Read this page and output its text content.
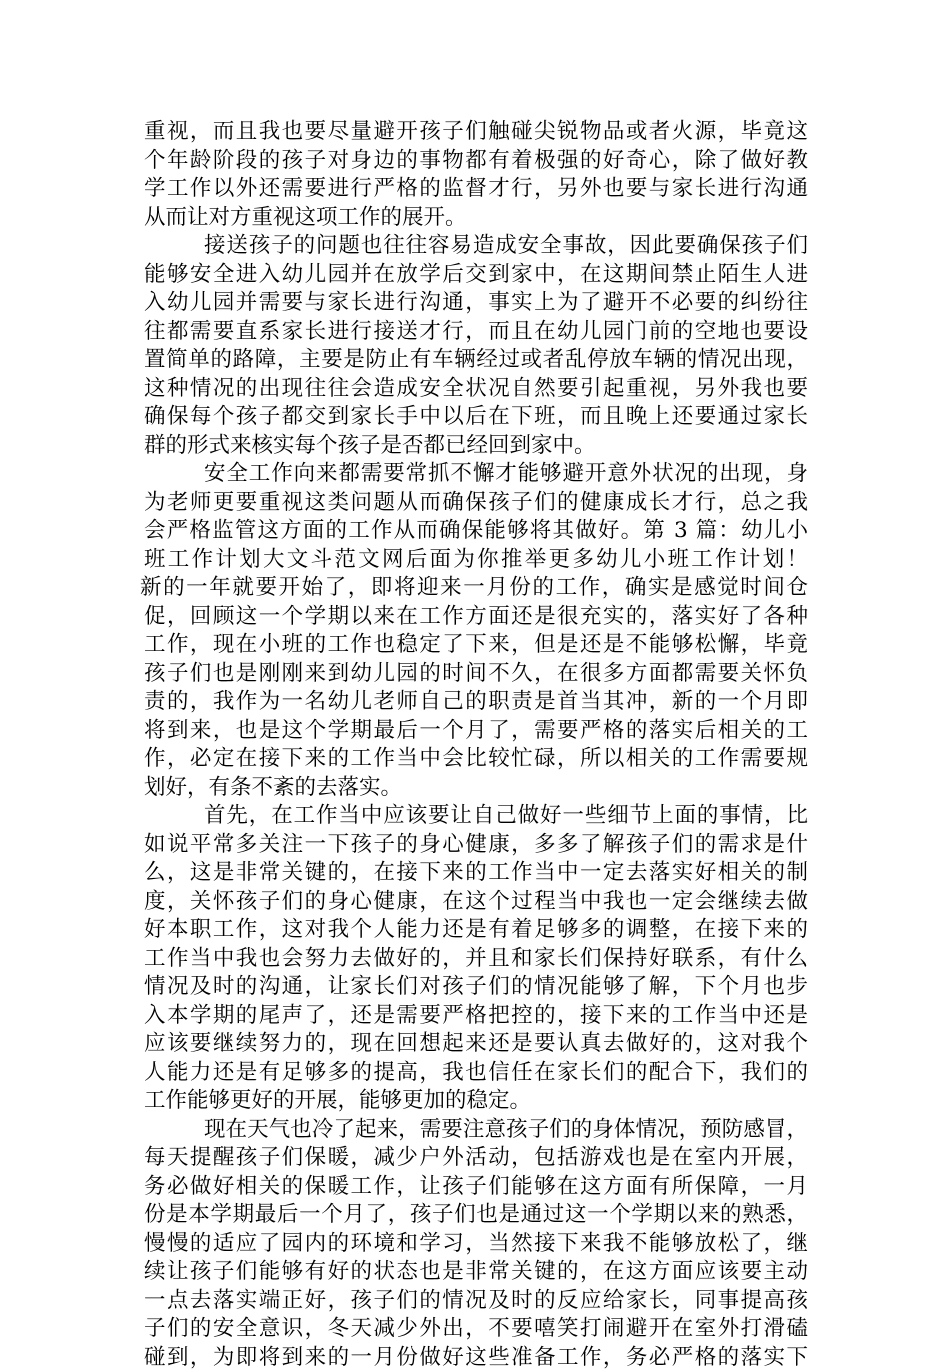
重视，而且我也要尽量避开孩子们触碰尖锐物品或者火源，毕竟这
个年龄阶段的孩子对身边的事物都有着极强的好奇心，除了做好教
学工作以外还需要进行严格的监督才行，另外也要与家长进行沟通
从而让对方重视这项工作的展开。
接送孩子的问题也往往容易造成安全事故，因此要确保孩子们
能够安全进入幼儿园并在放学后交到家中，在这期间禁止陌生人进
入幼儿园并需要与家长进行沟通，事实上为了避开不必要的纠纷往
往都需要直系家长进行接送才行，而且在幼儿园门前的空地也要设
置简单的路障，主要是防止有车辆经过或者乱停放车辆的情况出现，
这种情况的出现往往会造成安全状况自然要引起重视，另外我也要
确保每个孩子都交到家长手中以后在下班，而且晚上还要通过家长
群的形式来核实每个孩子是否都已经回到家中。
安全工作向来都需要常抓不懈才能够避开意外状况的出现，身
为老师更要重视这类问题从而确保孩子们的健康成长才行，总之我
会严格监管这方面的工作从而确保能够将其做好。第 3 篇：幼儿小
班工作计划大文斗范文网后面为你推举更多幼儿小班工作计划！
新的一年就要开始了，即将迎来一月份的工作，确实是感觉时间仓
促，回顾这一个学期以来在工作方面还是很充实的，落实好了各种
工作，现在小班的工作也稳定了下来，但是还是不能够松懈，毕竟
孩子们也是刚刚来到幼儿园的时间不久，在很多方面都需要关怀负
责的，我作为一名幼儿老师自己的职责是首当其冲，新的一个月即
将到来，也是这个学期最后一个月了，需要严格的落实后相关的工
作，必定在接下来的工作当中会比较忙碌，所以相关的工作需要规
划好，有条不紊的去落实。
首先，在工作当中应该要让自己做好一些细节上面的事情，比
如说平常多关注一下孩子的身心健康，多多了解孩子们的需求是什
么，这是非常关键的，在接下来的工作当中一定去落实好相关的制
度，关怀孩子们的身心健康，在这个过程当中我也一定会继续去做
好本职工作，这对我个人能力还是有着足够多的调整，在接下来的
工作当中我也会努力去做好的，并且和家长们保持好联系，有什么
情况及时的沟通，让家长们对孩子们的情况能够了解，下个月也步
入本学期的尾声了，还是需要严格把控的，接下来的工作当中还是
应该要继续努力的，现在回想起来还是要认真去做好的，这对我个
人能力还是有足够多的提高，我也信任在家长们的配合下，我们的
工作能够更好的开展，能够更加的稳定。
现在天气也冷了起来，需要注意孩子们的身体情况，预防感冒，
每天提醒孩子们保暖，减少户外活动，包括游戏也是在室内开展，
务必做好相关的保暖工作，让孩子们能够在这方面有所保障，一月
份是本学期最后一个月了，孩子们也是通过这一个学期以来的熟悉，
慢慢的适应了园内的环境和学习，当然接下来我不能够放松了，继
续让孩子们能够有好的状态也是非常关键的，在这方面应该要主动
一点去落实端正好，孩子们的情况及时的反应给家长，同事提高孩
子们的安全意识，冬天减少外出，不要嘻笑打闹避开在室外打滑磕
碰到，为即将到来的一月份做好这些准备工作，务必严格的落实下
